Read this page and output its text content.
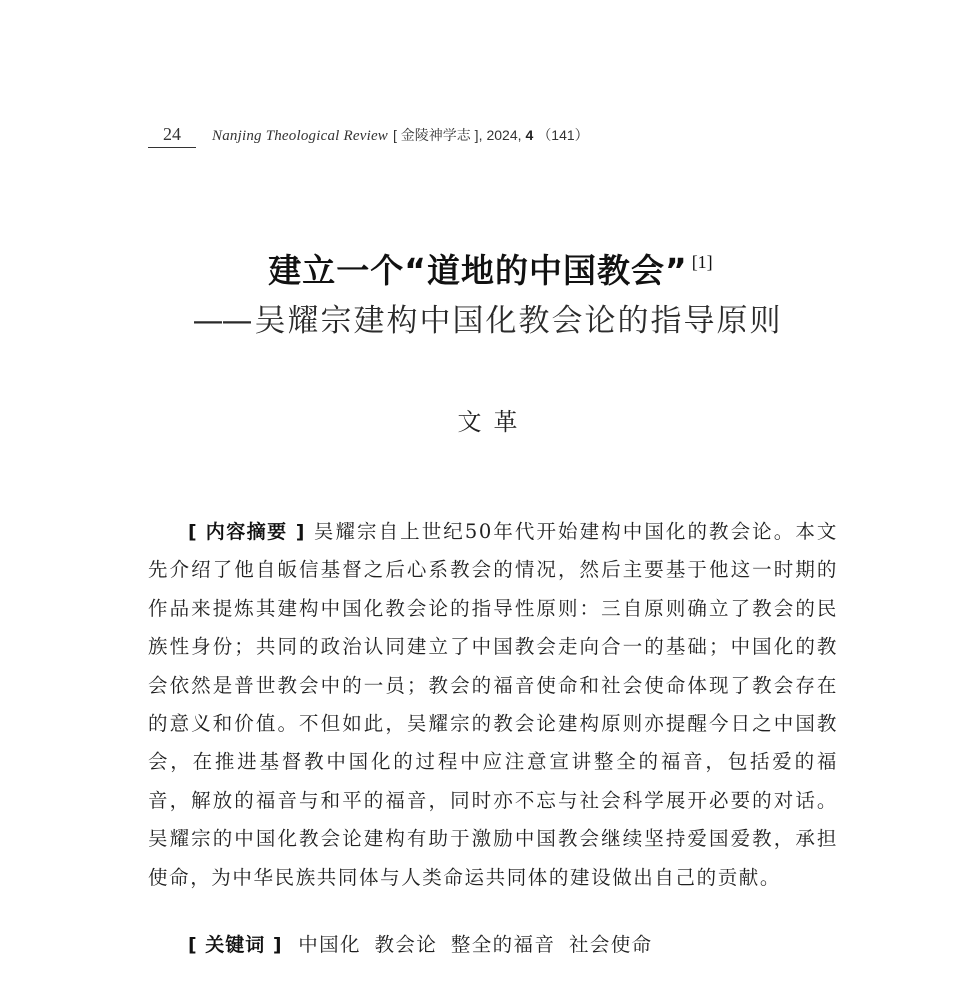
24	Nanjing Theological Review [ 金陵神学志 ], 2024, 4 （141）
建立一个“道地的中国教会” [1]
—— 吴耀宗建构中国化教会论的指导原则
文革

[ 内容摘要 ] 吴耀宗自上世纪50年代开始建构中国化的教会论。本文先介绍了他自皈信基督之后心系教会的情况，然后主要基于他这一时期的作品来提炼其建构中国化教会论的指导性原则：三自原则确立了教会的民族性身份；共同的政治认同建立了中国教会走向合一的基础；中国化的教会依然是普世教会中的一员；教会的福音使命和社会使命体现了教会存在的意义和价值。不但如此，吴耀宗的教会论建构原则亦提醒今日之中国教会，在推进基督教中国化的过程中应注意宣讲整全的福音，包括爱的福音，解放的福音与和平的福音，同时亦不忘与社会科学展开必要的对话。吴耀宗的中国化教会论建构有助于激励中国教会继续坚持爱国爱教，承担使命，为中华民族共同体与人类命运共同体的建设做出自己的贡献。

[ 关键词 ] 中国化 教会论 整全的福音 社会使命
